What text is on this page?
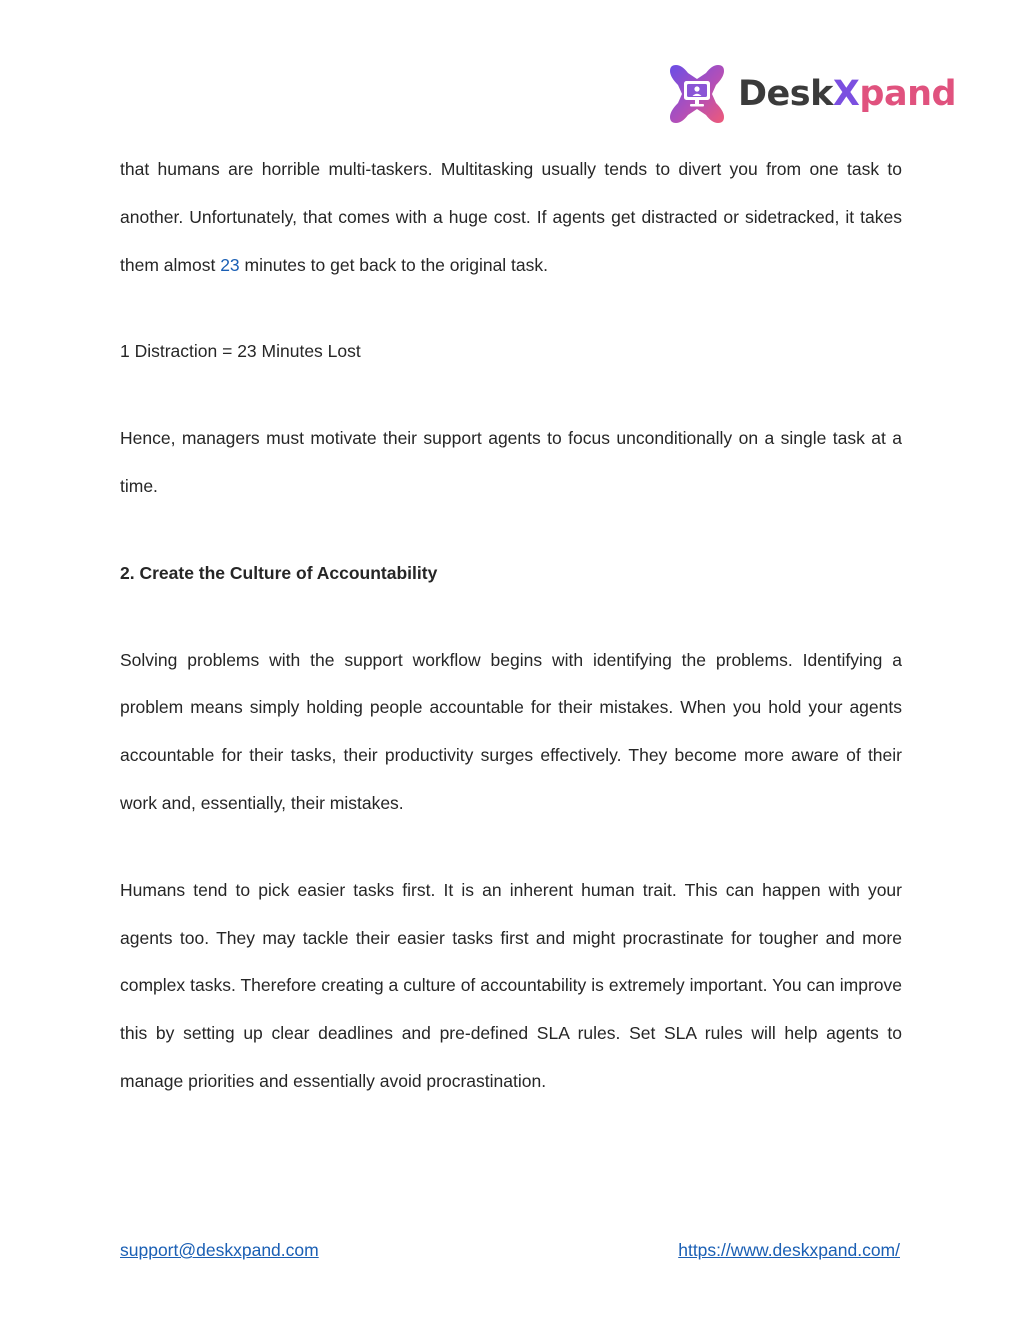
DeskXpand

that humans are horrible multi-taskers. Multitasking usually tends to divert you from one task to another. Unfortunately, that comes with a huge cost. If agents get distracted or sidetracked, it takes them almost 23 minutes to get back to the original task.

1 Distraction = 23 Minutes Lost

Hence, managers must motivate their support agents to focus unconditionally on a single task at a time.

2. Create the Culture of Accountability

Solving problems with the support workflow begins with identifying the problems. Identifying a problem means simply holding people accountable for their mistakes. When you hold your agents accountable for their tasks, their productivity surges effectively. They become more aware of their work and, essentially, their mistakes.

Humans tend to pick easier tasks first. It is an inherent human trait. This can happen with your agents too. They may tackle their easier tasks first and might procrastinate for tougher and more complex tasks. Therefore creating a culture of accountability is extremely important. You can improve this by setting up clear deadlines and pre-defined SLA rules. Set SLA rules will help agents to manage priorities and essentially avoid procrastination.

support@deskxpand.com	https://www.deskxpand.com/
